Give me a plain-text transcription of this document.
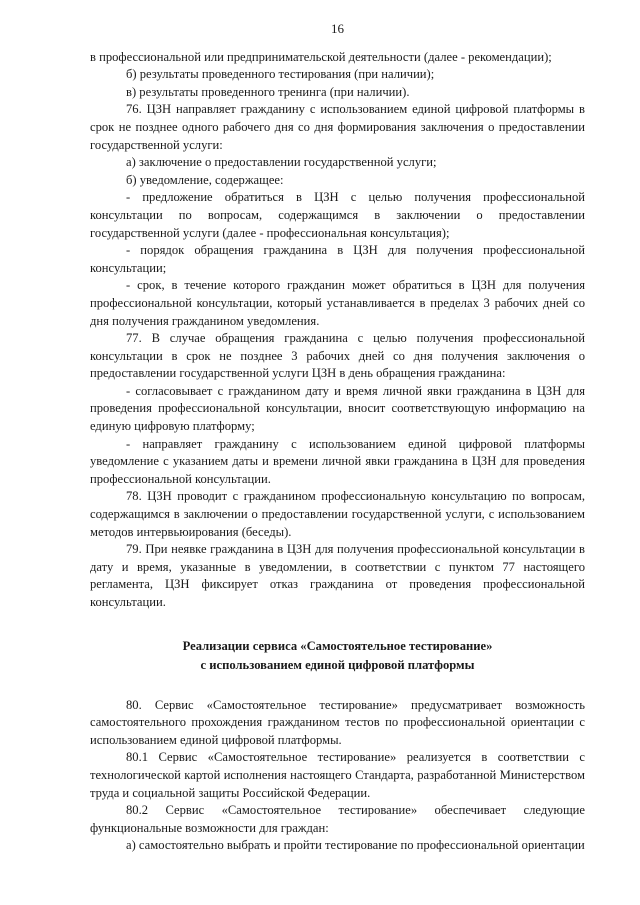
16

в профессиональной или предпринимательской деятельности (далее - рекомендации);

б) результаты проведенного тестирования (при наличии);

в) результаты проведенного тренинга (при наличии).

76. ЦЗН направляет гражданину с использованием единой цифровой платформы в срок не позднее одного рабочего дня со дня формирования заключения о предоставлении государственной услуги:

а) заключение о предоставлении государственной услуги;

б) уведомление, содержащее:

- предложение обратиться в ЦЗН с целью получения профессиональной консультации по вопросам, содержащимся в заключении о предоставлении государственной услуги (далее - профессиональная консультация);

- порядок обращения гражданина в ЦЗН для получения профессиональной консультации;

- срок, в течение которого гражданин может обратиться в ЦЗН для получения профессиональной консультации, который устанавливается в пределах 3 рабочих дней со дня получения гражданином уведомления.

77. В случае обращения гражданина с целью получения профессиональной консультации в срок не позднее 3 рабочих дней со дня получения заключения о предоставлении государственной услуги ЦЗН в день обращения гражданина:

- согласовывает с гражданином дату и время личной явки гражданина в ЦЗН для проведения профессиональной консультации, вносит соответствующую информацию на единую цифровую платформу;

- направляет гражданину с использованием единой цифровой платформы уведомление с указанием даты и времени личной явки гражданина в ЦЗН для проведения профессиональной консультации.

78. ЦЗН проводит с гражданином профессиональную консультацию по вопросам, содержащимся в заключении о предоставлении государственной услуги, с использованием методов интервьюирования (беседы).

79. При неявке гражданина в ЦЗН для получения профессиональной консультации в дату и время, указанные в уведомлении, в соответствии с пунктом 77 настоящего регламента, ЦЗН фиксирует отказ гражданина от проведения профессиональной консультации.

Реализации сервиса «Самостоятельное тестирование»
с использованием единой цифровой платформы

80. Сервис «Самостоятельное тестирование» предусматривает возможность самостоятельного прохождения гражданином тестов по профессиональной ориентации с использованием единой цифровой платформы.

80.1 Сервис «Самостоятельное тестирование» реализуется в соответствии с технологической картой исполнения настоящего Стандарта, разработанной Министерством труда и социальной защиты Российской Федерации.

80.2 Сервис «Самостоятельное тестирование» обеспечивает следующие функциональные возможности для граждан:

а) самостоятельно выбрать и пройти тестирование по профессиональной ориентации
